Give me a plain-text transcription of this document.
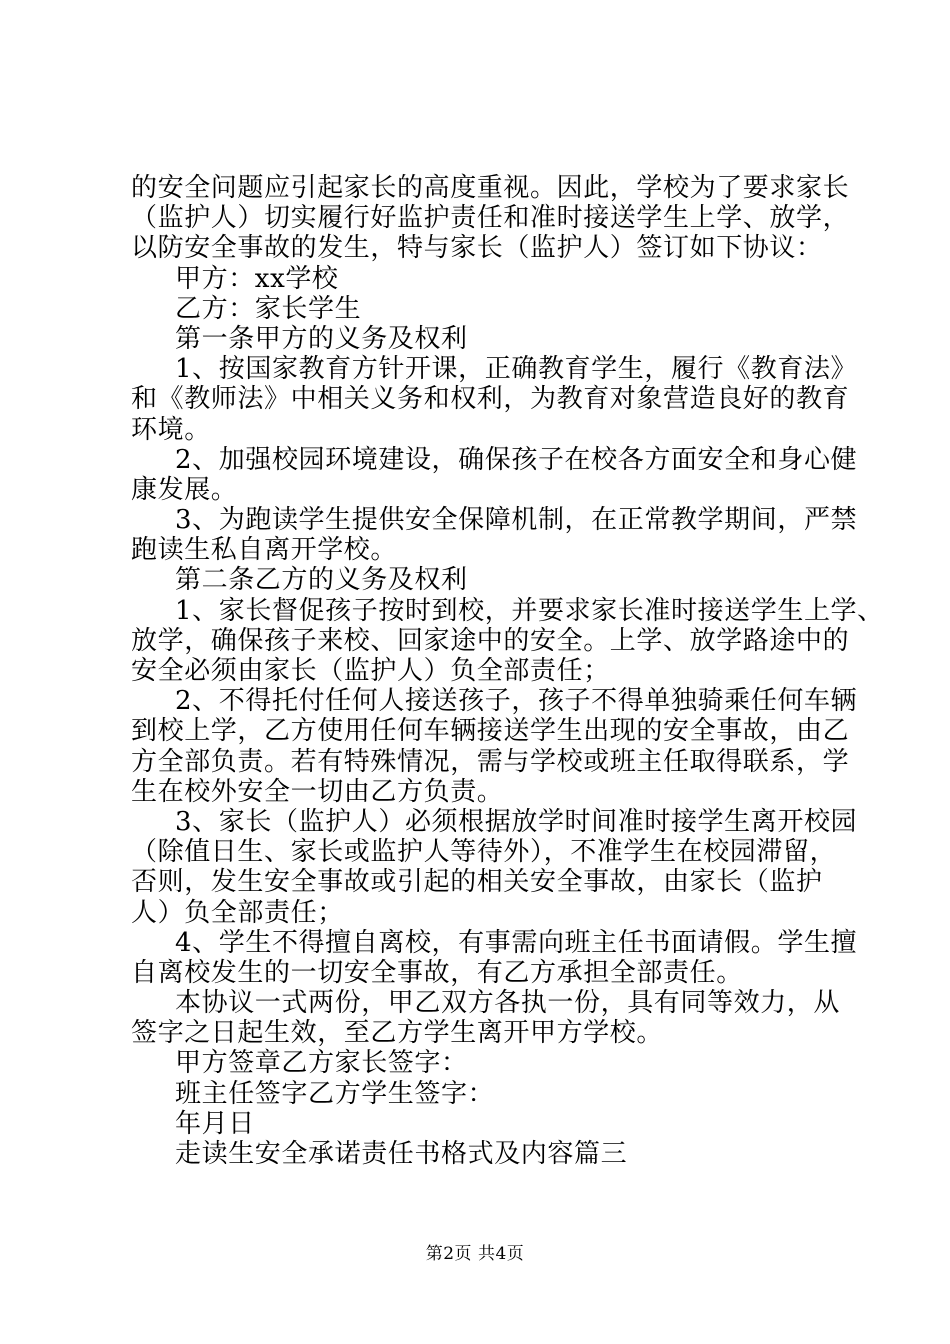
的安全问题应引起家长的高度重视。因此，学校为了要求家长
（监护人）切实履行好监护责任和准时接送学生上学、放学，
以防安全事故的发生，特与家长（监护人）签订如下协议：
甲方：xx学校
乙方：家长学生
第一条甲方的义务及权利
1、按国家教育方针开课，正确教育学生，履行《教育法》
和《教师法》中相关义务和权利，为教育对象营造良好的教育
环境。
2、加强校园环境建设，确保孩子在校各方面安全和身心健
康发展。
3、为跑读学生提供安全保障机制，在正常教学期间，严禁
跑读生私自离开学校。
第二条乙方的义务及权利
1、家长督促孩子按时到校，并要求家长准时接送学生上学、
放学，确保孩子来校、回家途中的安全。上学、放学路途中的
安全必须由家长（监护人）负全部责任；
2、不得托付任何人接送孩子，孩子不得单独骑乘任何车辆
到校上学，乙方使用任何车辆接送学生出现的安全事故，由乙
方全部负责。若有特殊情况，需与学校或班主任取得联系，学
生在校外安全一切由乙方负责。
3、家长（监护人）必须根据放学时间准时接学生离开校园
（除值日生、家长或监护人等待外），不准学生在校园滞留，
否则，发生安全事故或引起的相关安全事故，由家长（监护
人）负全部责任；
4、学生不得擅自离校，有事需向班主任书面请假。学生擅
自离校发生的一切安全事故，有乙方承担全部责任。
本协议一式两份，甲乙双方各执一份，具有同等效力，从
签字之日起生效，至乙方学生离开甲方学校。
甲方签章乙方家长签字：
班主任签字乙方学生签字：
年月日
走读生安全承诺责任书格式及内容篇三
第2页 共4页
